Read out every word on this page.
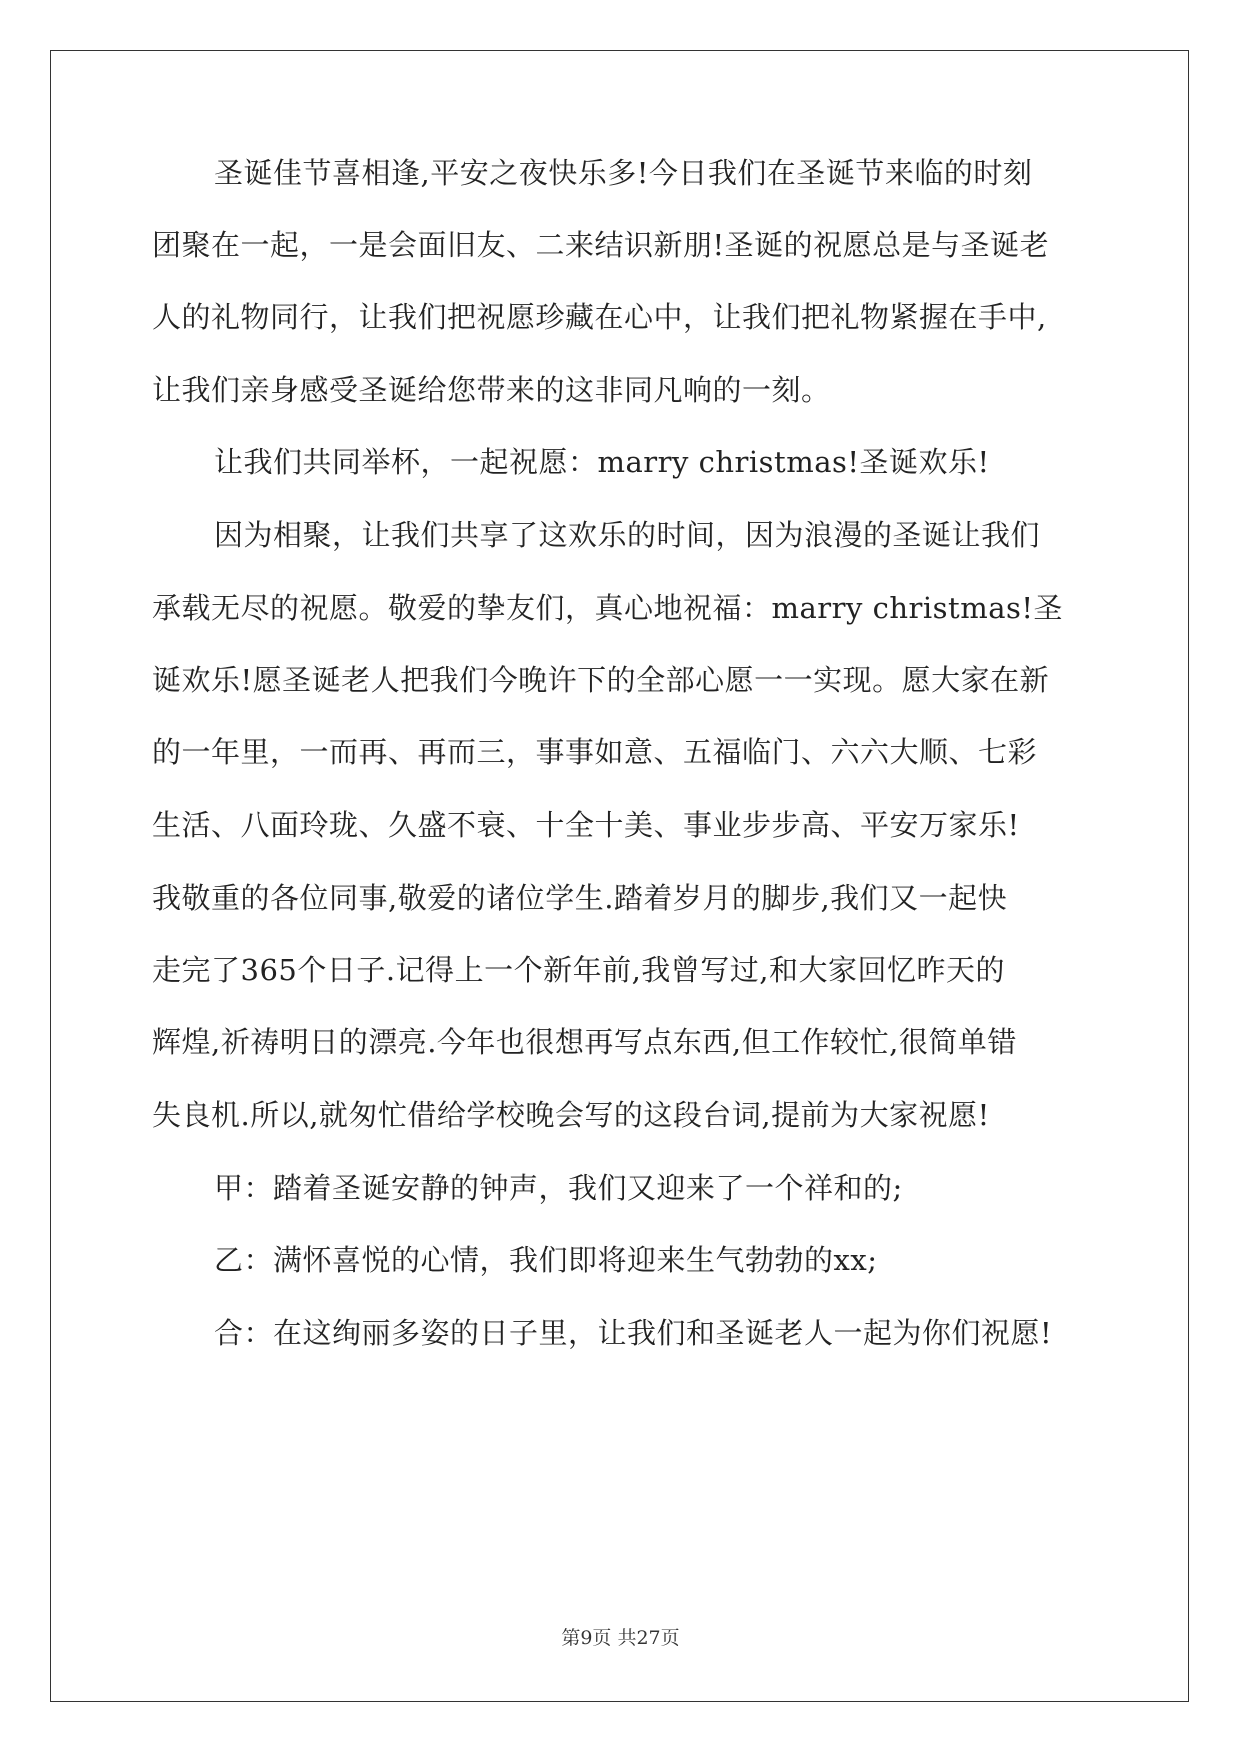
圣诞佳节喜相逢,平安之夜快乐多!今日我们在圣诞节来临的时刻
团聚在一起，一是会面旧友、二来结识新朋!圣诞的祝愿总是与圣诞老
人的礼物同行，让我们把祝愿珍藏在心中，让我们把礼物紧握在手中,
让我们亲身感受圣诞给您带来的这非同凡响的一刻。
让我们共同举杯，一起祝愿：marry christmas!圣诞欢乐!
因为相聚，让我们共享了这欢乐的时间，因为浪漫的圣诞让我们
承载无尽的祝愿。敬爱的挚友们，真心地祝福：marry christmas!圣
诞欢乐!愿圣诞老人把我们今晚许下的全部心愿一一实现。愿大家在新
的一年里，一而再、再而三，事事如意、五福临门、六六大顺、七彩
生活、八面玲珑、久盛不衰、十全十美、事业步步高、平安万家乐!
我敬重的各位同事,敬爱的诸位学生.踏着岁月的脚步,我们又一起快
走完了365个日子.记得上一个新年前,我曾写过,和大家回忆昨天的
辉煌,祈祷明日的漂亮.今年也很想再写点东西,但工作较忙,很简单错
失良机.所以,就匆忙借给学校晚会写的这段台词,提前为大家祝愿!
甲：踏着圣诞安静的钟声，我们又迎来了一个祥和的;
乙：满怀喜悦的心情，我们即将迎来生气勃勃的xx;
合：在这绚丽多姿的日子里，让我们和圣诞老人一起为你们祝愿!
第9页 共27页
